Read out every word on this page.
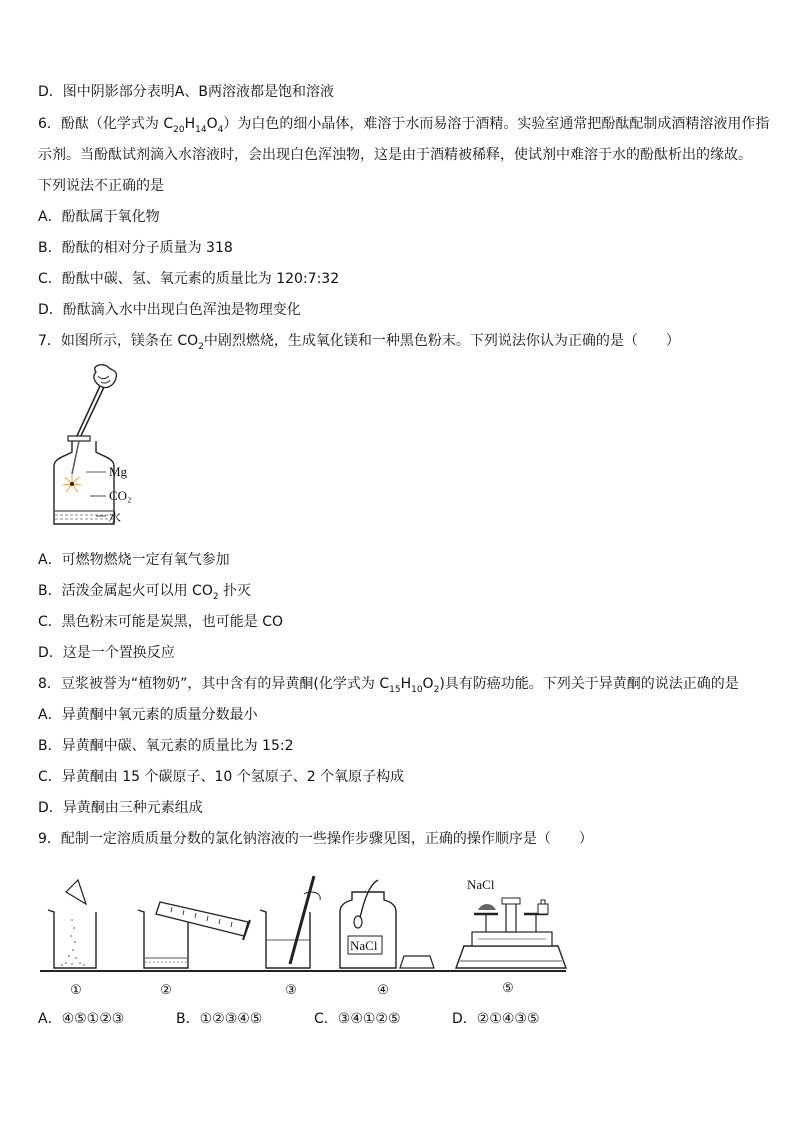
D．图中阴影部分表明A、B两溶液都是饱和溶液
6．酚酞（化学式为 $C_{20}H_{14}O_4$）为白色的细小晶体，难溶于水而易溶于酒精。实验室通常把酚酞配制成酒精溶液用作指
示剂。当酚酞试剂滴入水溶液时，会出现白色浑浊物，这是由于酒精被稀释，使试剂中难溶于水的酚酞析出的缘故。
下列说法不正确的是
A．酚酞属于氧化物
B．酚酞的相对分子质量为 318
C．酚酞中碳、氢、氧元素的质量比为 120:7:32
D．酚酞滴入水中出现白色浑浊是物理变化
7．如图所示，镁条在 $CO_2$中剧烈燃烧，生成氧化镁和一种黑色粉末。下列说法你认为正确的是（　　）
Mg
CO₂
水
A．可燃物燃烧一定有氧气参加
B．活泼金属起火可以用 $CO_2$ 扑灭
C．黑色粉末可能是炭黑，也可能是 CO
D．这是一个置换反应
8．豆浆被誉为“植物奶”，其中含有的异黄酮(化学式为 $C_{15}H_{10}O_2$)具有防癌功能。下列关于异黄酮的说法正确的是
A．异黄酮中氧元素的质量分数最小
B．异黄酮中碳、氧元素的质量比为 15:2
C．异黄酮由 15 个碳原子、10 个氢原子、2 个氧原子构成
D．异黄酮由三种元素组成
9．配制一定溶质质量分数的氯化钠溶液的一些操作步骤见图，正确的操作顺序是（　　）
NaCl
NaCl
①	②	③	④	⑤
A．④⑤①②③	B．①②③④⑤	C．③④①②⑤	D．②①④③⑤
